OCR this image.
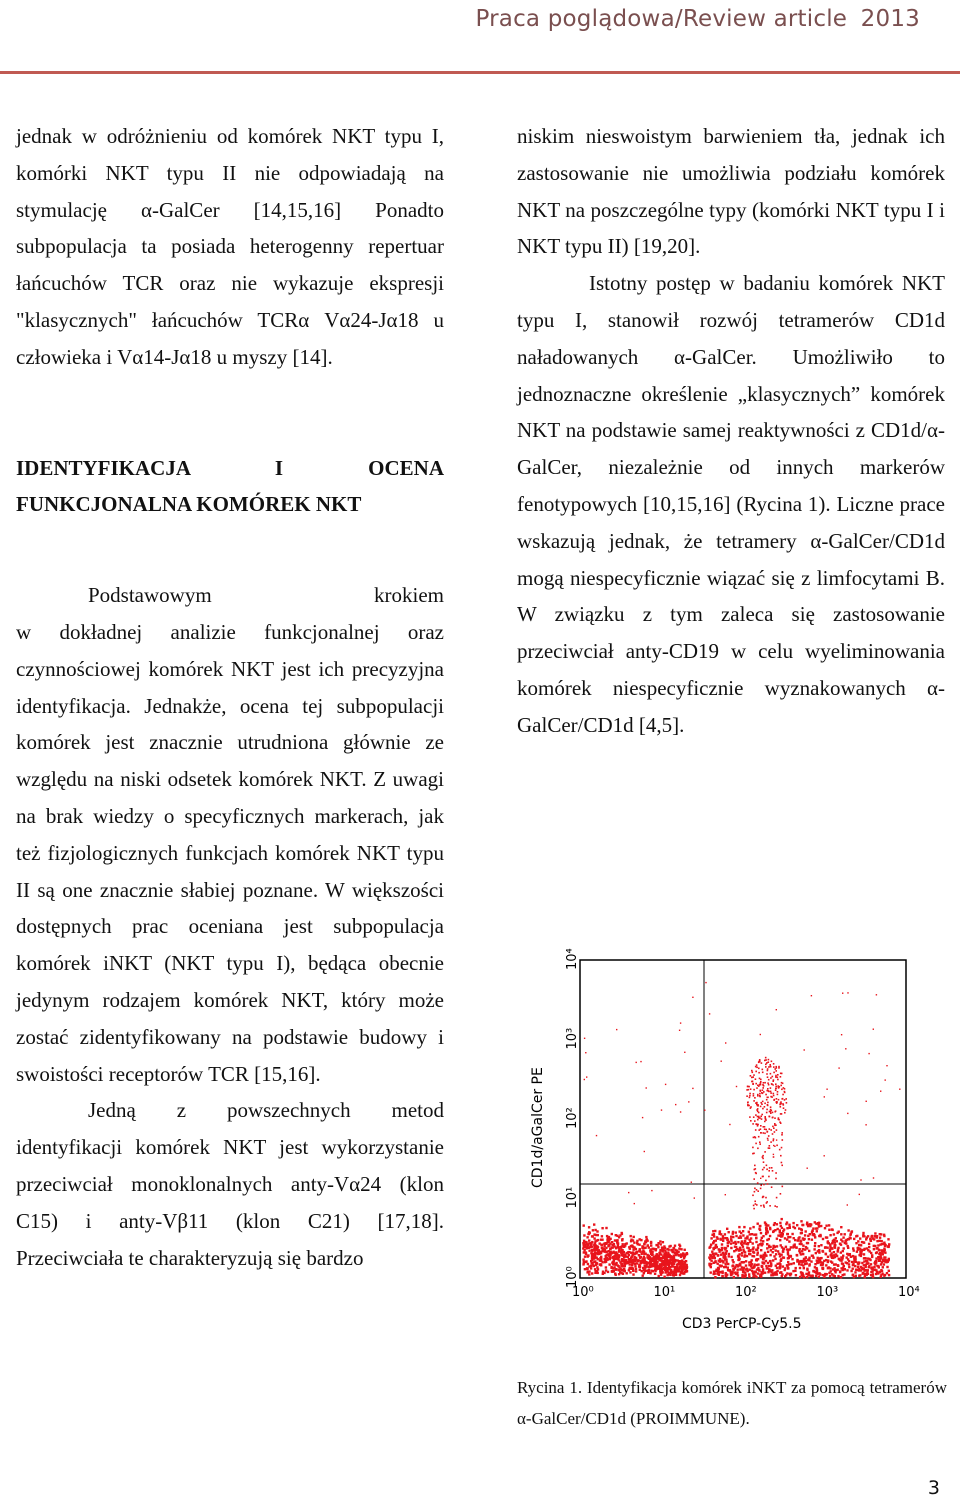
Praca poglądowa/Review article 2013

jednak w odróżnieniu od komórek NKT typu I, komórki NKT typu II nie odpowiadają na stymulację α-GalCer [14,15,16] Ponadto subpopulacja ta posiada heterogenny repertuar łańcuchów TCR oraz nie wykazuje ekspresji "klasycznych" łańcuchów TCRα Vα24-Jα18 u człowieka i Vα14-Jα18 u myszy [14].

IDENTYFIKACJA I OCENA

FUNKCJONALNA KOMÓREK NKT

Podstawowym krokiem

w dokładnej analizie funkcjonalnej oraz czynnościowej komórek NKT jest ich precyzyjna identyfikacja. Jednakże, ocena tej subpopulacji komórek jest znacznie utrudniona głównie ze względu na niski odsetek komórek NKT. Z uwagi na brak wiedzy o specyficznych markerach, jak też fizjologicznych funkcjach komórek NKT typu II są one znacznie słabiej poznane. W większości dostępnych prac oceniana jest subpopulacja komórek iNKT (NKT typu I), będąca obecnie jedynym rodzajem komórek NKT, który może zostać zidentyfikowany na podstawie budowy i swoistości receptorów TCR [15,16].

Jedną z powszechnych metod identyfikacji komórek NKT jest wykorzystanie przeciwciał monoklonalnych anty-Vα24 (klon C15) i anty-Vβ11 (klon C21) [17,18]. Przeciwciała te charakteryzują się bardzo

niskim nieswoistym barwieniem tła, jednak ich zastosowanie nie umożliwia podziału komórek NKT na poszczególne typy (komórki NKT typu I i NKT typu II) [19,20].

Istotny postęp w badaniu komórek NKT typu I, stanowił rozwój tetramerów CD1d naładowanych α-GalCer. Umożliwiło to jednoznaczne określenie „klasycznych” komórek NKT na podstawie samej reaktywności z CD1d/α-GalCer, niezależnie od innych markerów fenotypowych [10,15,16] (Rycina 1). Liczne prace wskazują jednak, że tetramery α-GalCer/CD1d mogą niespecyficznie wiązać się z limfocytami B. W związku z tym zaleca się zastosowanie przeciwciał anty-CD19 w celu wyeliminowania komórek niespecyficznie wyznakowanych α-GalCer/CD1d [4,5].

10⁰
10⁰
10¹
10¹
10²
10²
10³
10³
10⁴
10⁴
CD1d/aGalCer PE
CD3 PerCP-Cy5.5

Rycina 1. Identyfikacja komórek iNKT za pomocą tetramerów α-GalCer/CD1d (PROIMMUNE).

3
